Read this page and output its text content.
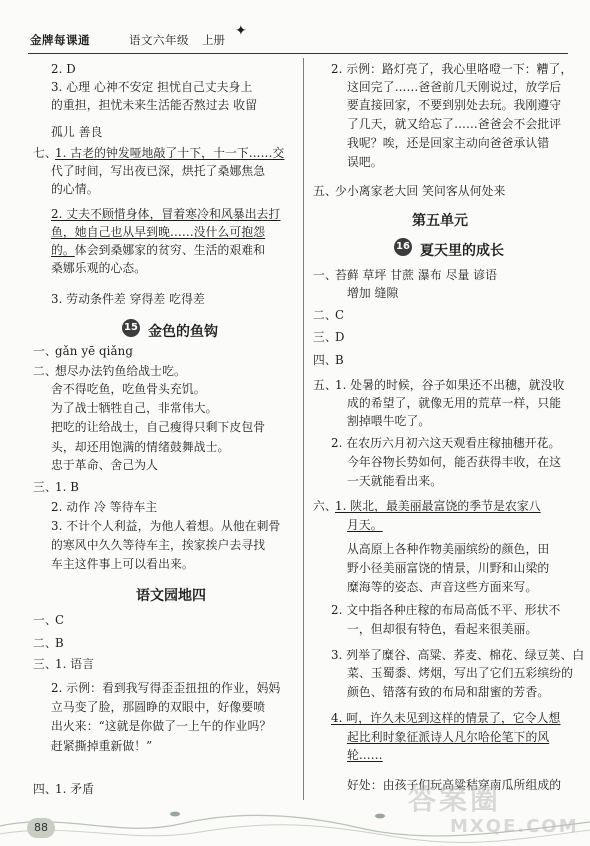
金牌每课通	语文六年级 上册
✦
2. D
3. 心理 心神不安定 担忧自己丈夫身上
的重担，担忧未来生活能否熬过去 收留
孤儿 善良
七、
1. 古老的钟发哑地敲了十下，十一下……交
代了时间，写出夜已深，烘托了桑娜焦急
的心情。
2. 丈夫不顾惜身体，冒着寒冷和风暴出去打
鱼，她自己也从早到晚……没什么可抱怨
的。体会到桑娜家的贫穷、生活的艰难和
桑娜乐观的心态。
3. 劳动条件差 穿得差 吃得差
15 金色的鱼钩
一、
gǎn yē qiǎng
二、
想尽办法钓鱼给战士吃。
舍不得吃鱼，吃鱼骨头充饥。
为了战士牺牲自己，非常伟大。
把吃的让给战士，自己瘦得只剩下皮包骨
头，却还用饱满的情绪鼓舞战士。
忠于革命、舍己为人
三、
1. B
2. 动作 冷 等待车主
3. 不计个人利益，为他人着想。从他在刺骨
的寒风中久久等待车主，挨家挨户去寻找
车主这件事上可以看出来。
语文园地四
一、
C
二、
B
三、
1. 语言
2. 示例：看到我写得歪歪扭扭的作业，妈妈
立马变了脸，那圆睁的双眼中，好像要喷
出火来：“这就是你做了一上午的作业吗？
赶紧撕掉重新做！”
四、
1. 矛盾
2. 示例：路灯亮了，我心里咯噔一下：糟了，
这回完了……爸爸前几天刚说过，放学后
要直接回家，不要到别处去玩。我刚遵守
了几天，就又给忘了……爸爸会不会批评
我呢？唉，还是回家主动向爸爸承认错
误吧。
五、
少小离家老大回 笑问客从何处来
第五单元
16 夏天里的成长
一、
苔藓 草坪 甘蔗 瀑布 尽量 谚语
增加 缝隙
二、
C
三、
D
四、
B
五、
1. 处暑的时候，谷子如果还不出穗，就没收
成的希望了，就像无用的荒草一样，只能
割掉喂牛吃了。
2. 在农历六月初六这天观看庄稼抽穗开花。
今年谷物长势如何，能否获得丰收，在这
一天就能看出来。
六、
1. 陕北，最美丽最富饶的季节是农家八
月天。
从高原上各种作物美丽缤纷的颜色，田
野小径美丽富饶的情景，川野和山梁的
糜海等的姿态、声音这些方面来写。
2. 文中指各种庄稼的布局高低不平、形状不
一，但却很有特色，看起来很美丽。
3. 列举了糜谷、高粱、荞麦、棉花、绿豆荚、白
菜、玉蜀黍、烤烟，写出了它们五彩缤纷的
颜色、错落有致的布局和甜蜜的芳香。
4. 呵，许久未见到这样的情景了，它令人想
起比利时象征派诗人凡尔哈伦笔下的风
轮……
好处：由孩子们玩高粱秸穿南瓜所组成的
88
答案圈
MXQE.COM
